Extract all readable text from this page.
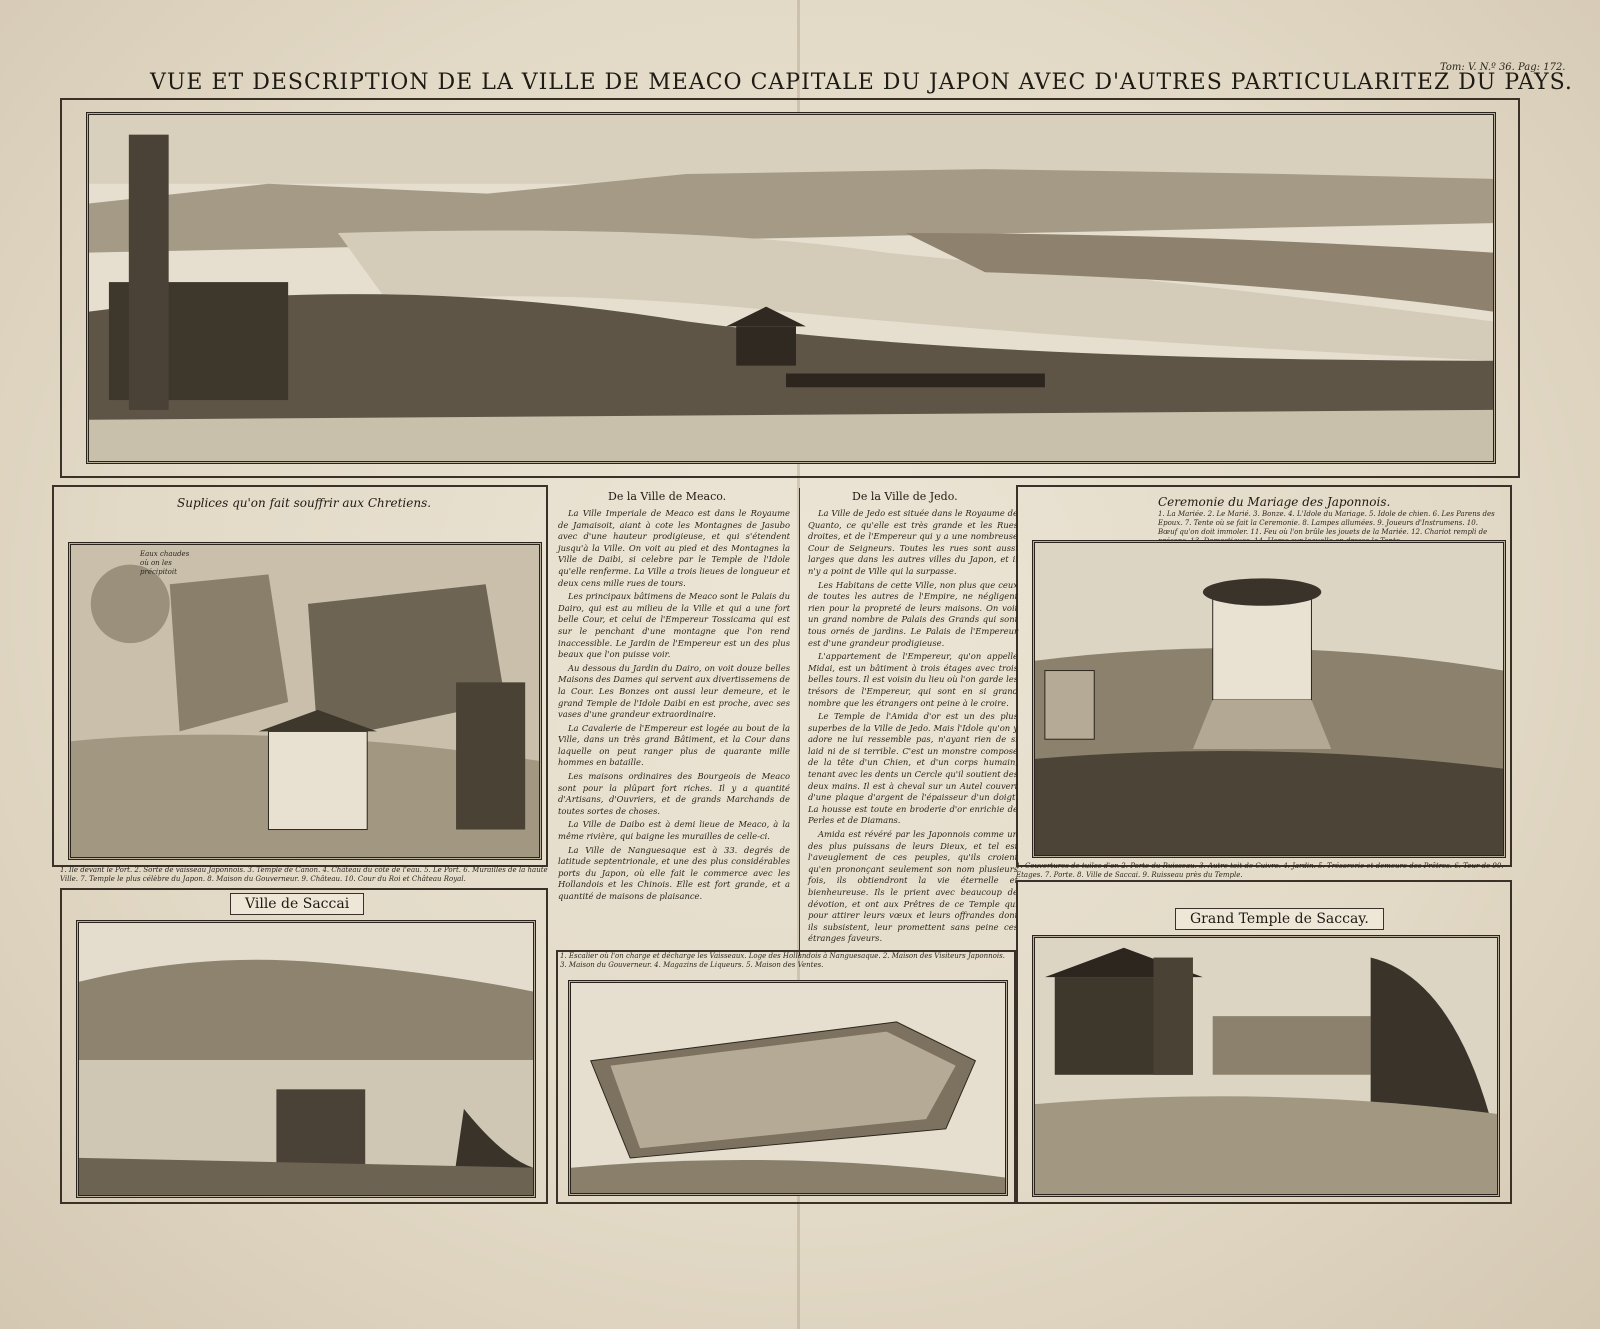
VUE ET DESCRIPTION DE LA VILLE DE MEACO CAPITALE DU JAPON AVEC D'AUTRES PARTICULARITEZ DU PAYS.
Tom: V. N.º 36. Pag: 172.
Suplices qu'on fait souffrir aux Chretiens.
Eaux chaudes où on les précipitoit
1. Île devant le Port. 2. Sorte de vaisseau Japonnois. 3. Temple de Canon. 4. Château du côté de l'eau. 5. Le Port. 6. Murailles de la haute Ville. 7. Temple le plus célèbre du Japon. 8. Maison du Gouverneur. 9. Château. 10. Cour du Roi et Château Royal.
Ceremonie du Mariage des Japonnois.
1. La Mariée. 2. Le Marié. 3. Bonze. 4. L'Idole du Mariage. 5. Idole de chien. 6. Les Parens des Epoux. 7. Tente où se fait la Ceremonie. 8. Lampes allumées. 9. Joueurs d'Instrumens. 10. Bœuf qu'on doit immoler. 11. Feu où l'on brûle les jouets de la Mariée. 12. Chariot rempli de
1. Couvertures de tuiles d'or. 2. Porte du Ruisseau. 3. Autre toit de Cuivre. 4. Jardin. 5. Trésorerie et demeure des Prêtres. 6. Tour de 90. Etages. 7. Porte. 8. Ville de Saccai. 9. Ruisseau près du Temple.
De la Ville de Meaco.	De la Ville de Jedo.

La Ville Imperiale de Meaco est dans le Royaume de Jamaisoit, aiant à cote les Montagnes de Jasubo avec d'une hauteur prodigieuse, et qui s'étendent jusqu'à la Ville. On voit au pied et des Montagnes la Ville de Daibi, si celebre par le Temple de l'Idole qu'elle renferme. La Ville a trois lieues de longueur et deux cens mille rues de tours.

Les principaux bâtimens de Meaco sont le Palais du Dairo, qui est au milieu de la Ville et qui a une fort belle Cour, et celui de l'Empereur Tossicama qui est sur le penchant d'une montagne que l'on rend inaccessible. Le Jardin de l'Empereur est un des plus beaux que l'on puisse voir.

Au dessous du Jardin du Dairo, on voit douze belles Maisons des Dames qui servent aux divertissemens de la Cour. Les Bonzes ont aussi leur demeure, et le grand Temple de l'Idole Daibi en est proche, avec ses vases d'une grandeur extraordinaire.

La Cavalerie de l'Empereur est logée au bout de la Ville, dans un très grand Bâtiment, et la Cour dans laquelle on peut ranger plus de quarante mille hommes en bataille.

Les maisons ordinaires des Bourgeois de Meaco sont pour la plûpart fort riches. Il y a quantité d'Artisans, d'Ouvriers, et de grands Marchands de toutes sortes de choses.

La Ville de Daibo est à demi lieue de Meaco, à la même rivière, qui baigne les murailles de celle-ci.

La Ville de Nanguesaque est à 33. degrés de latitude septentrionale, et une des plus considérables ports du Japon, où elle fait le commerce avec les Hollandois et les Chinois. Elle est fort grande, et a quantité de maisons de plaisance.

La Ville de Jedo est située dans le Royaume de Quanto, ce qu'elle est très grande et les Rues droites, et de l'Empereur qui y a une nombreuse Cour de Seigneurs. Toutes les rues sont aussi larges que dans les autres villes du Japon, et il n'y a point de Ville qui la surpasse.

Les Habitans de cette Ville, non plus que ceux de toutes les autres de l'Empire, ne négligent rien pour la propreté de leurs maisons. On voit un grand nombre de Palais des Grands qui sont tous ornés de jardins. Le Palais de l'Empereur est d'une grandeur prodigieuse.

L'appartement de l'Empereur, qu'on appelle Midai, est un bâtiment à trois étages avec trois belles tours. Il est voisin du lieu où l'on garde les trésors de l'Empereur, qui sont en si grand nombre que les étrangers ont peine à le croire.

Le Temple de l'Amida d'or est un des plus superbes de la Ville de Jedo. Mais l'Idole qu'on y adore ne lui ressemble pas, n'ayant rien de si laid ni de si terrible. C'est un monstre composé de la tête d'un Chien, et d'un corps humain, tenant avec les dents un Cercle qu'il soutient des deux mains. Il est à cheval sur un Autel couvert d'une plaque d'argent de l'épaisseur d'un doigt. La housse est toute en broderie d'or enrichie de Perles et de Diamans.

Amida est révéré par les Japonnois comme un des plus puissans de leurs Dieux, et tel est l'aveuglement de ces peuples, qu'ils croient qu'en prononçant seulement son nom plusieurs fois, ils obtiendront la vie éternelle et bienheureuse. Ils le prient avec beaucoup de dévotion, et ont aux Prêtres de ce Temple qui pour attirer leurs vœux et leurs offrandes dont ils subsistent, leur promettent sans peine ces étranges faveurs.

Ville de Saccai
1. Escalier où l'on charge et décharge les Vaisseaux. Loge des Hollandois à Nanguesaque. 2. Maison des Visiteurs Japonnois. 3. Maison du Gouverneur. 4. Magazins de Liqueurs. 5. Maison des Ventes.
Grand Temple de Saccay.
